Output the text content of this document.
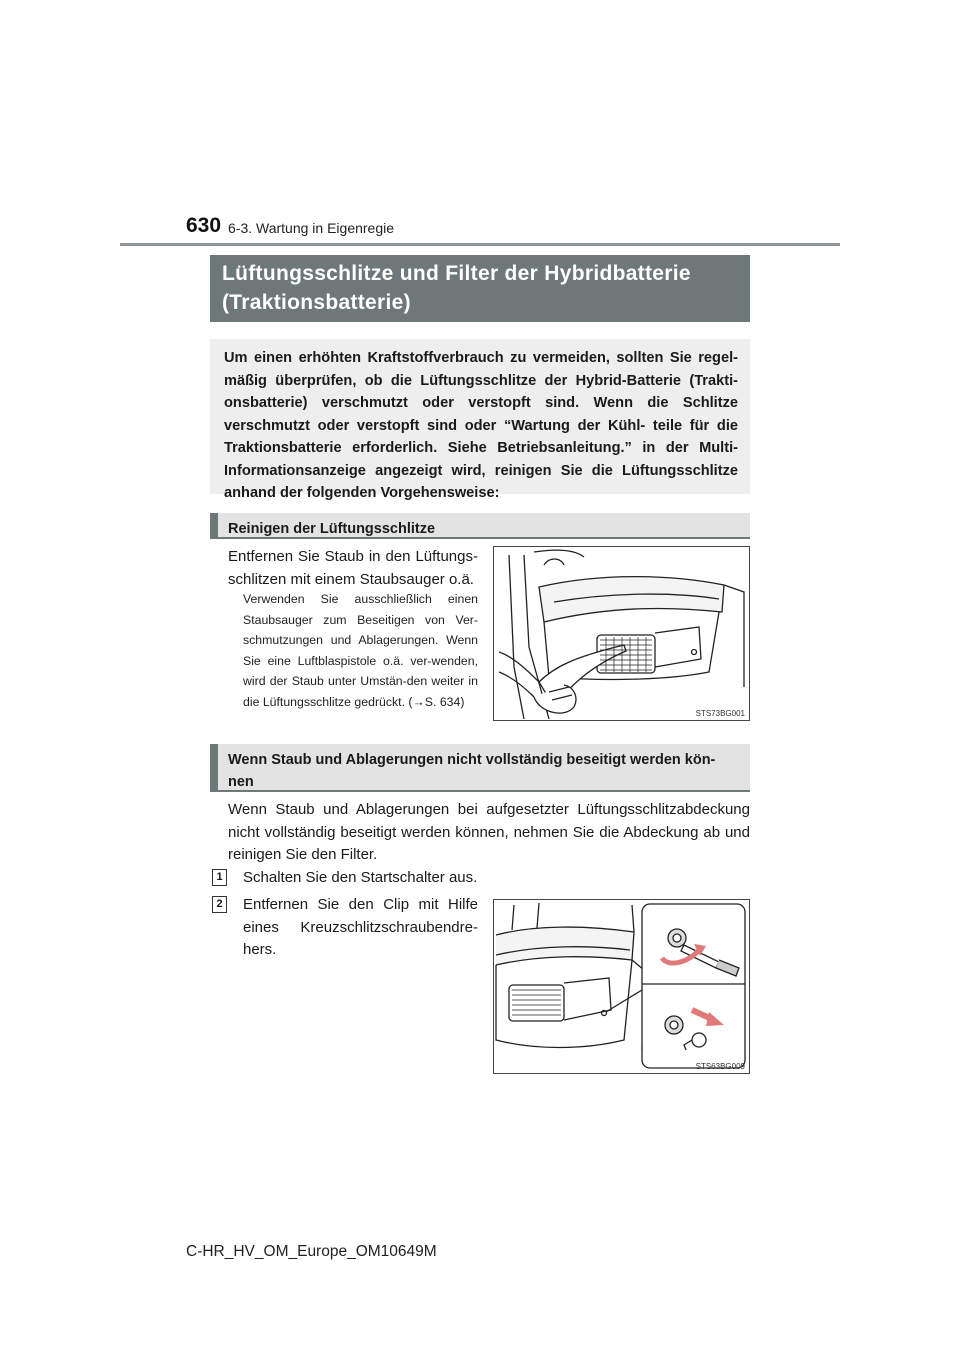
630 6-3. Wartung in Eigenregie
Lüftungsschlitze und Filter der Hybridbatterie (Traktionsbatterie)
Um einen erhöhten Kraftstoffverbrauch zu vermeiden, sollten Sie regel-mäßig überprüfen, ob die Lüftungsschlitze der Hybrid-Batterie (Trakti-onsbatterie) verschmutzt oder verstopft sind. Wenn die Schlitze verschmutzt oder verstopft sind oder “Wartung der Kühl- teile für die Traktionsbatterie erforderlich. Siehe Betriebsanleitung.” in der Multi-Informationsanzeige angezeigt wird, reinigen Sie die Lüftungsschlitze anhand der folgenden Vorgehensweise:
Reinigen der Lüftungsschlitze
Entfernen Sie Staub in den Lüftungs-schlitzen mit einem Staubsauger o.ä.
Verwenden Sie ausschließlich einen Staubsauger zum Beseitigen von Ver-schmutzungen und Ablagerungen. Wenn Sie eine Luftblaspistole o.ä. ver-wenden, wird der Staub unter Umstän-den weiter in die Lüftungsschlitze gedrückt. (→S. 634)
STS73BG001
Wenn Staub und Ablagerungen nicht vollständig beseitigt werden kön-nen
Wenn Staub und Ablagerungen bei aufgesetzter Lüftungsschlitzabdeckung nicht vollständig beseitigt werden können, nehmen Sie die Abdeckung ab und reinigen Sie den Filter.
1 Schalten Sie den Startschalter aus.
2 Entfernen Sie den Clip mit Hilfe eines Kreuzschlitzschraubendre-hers.
STS63BG009
C-HR_HV_OM_Europe_OM10649M
